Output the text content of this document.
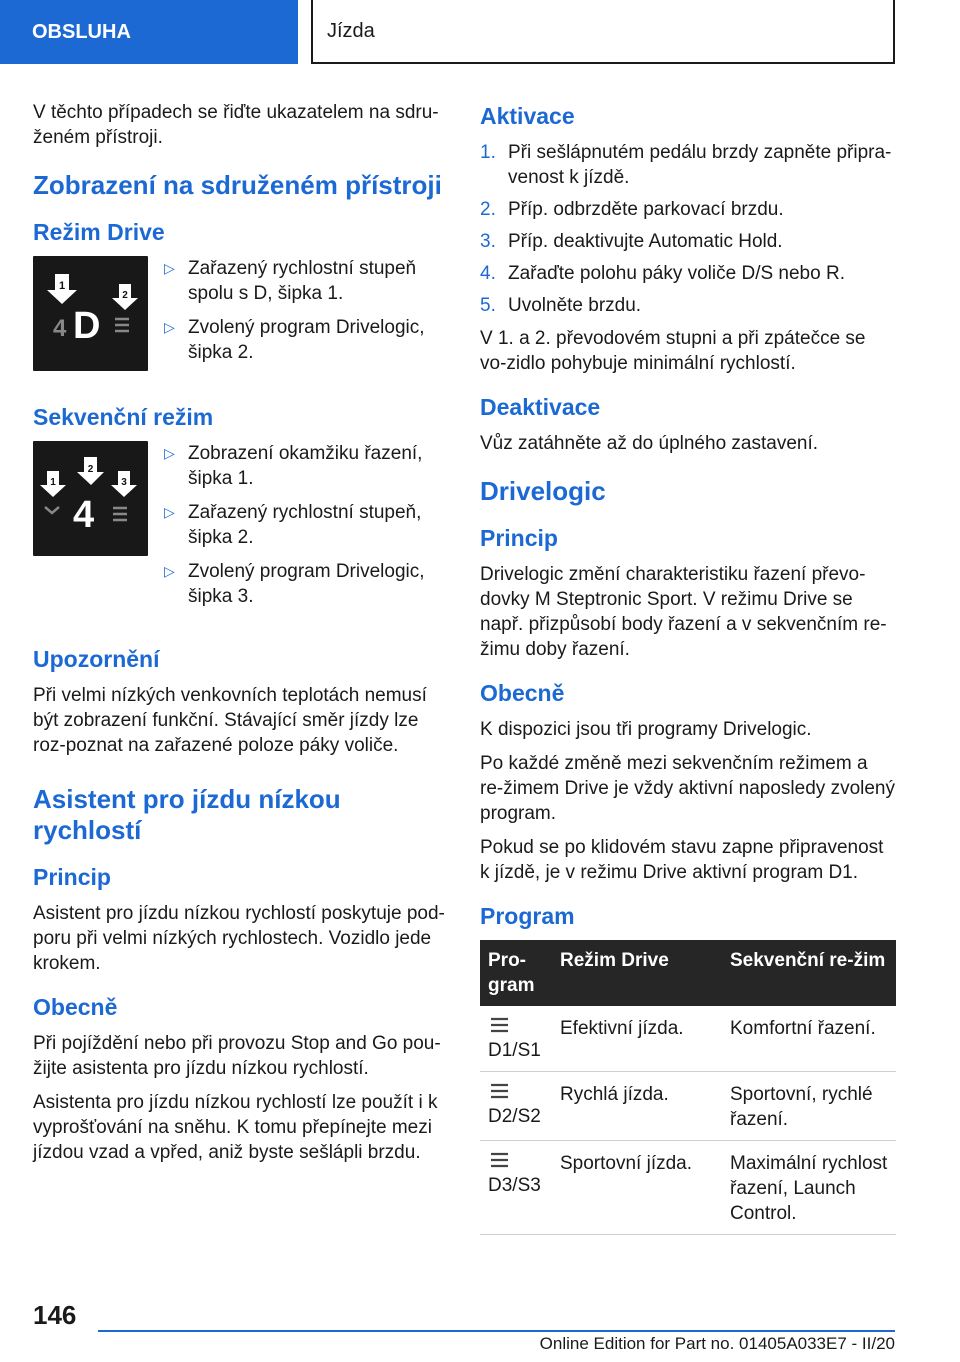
OBSLUHA	Jízda

V těchto případech se řiďte ukazatelem na sdru‐ženém přístroji.

Zobrazení na sdruženém přístroji
Režim Drive
1
2
4 D
▷ Zařazený rychlostní stupeň spolu s D, šipka 1.
▷ Zvolený program Drivelogic, šipka 2.
Sekvenční režim
1
2
3
4
▷ Zobrazení okamžiku řazení, šipka 1.
▷ Zařazený rychlostní stupeň, šipka 2.
▷ Zvolený program Drivelogic, šipka 3.
Upozornění

Při velmi nízkých venkovních teplotách nemusí být zobrazení funkční. Stávající směr jízdy lze roz‐poznat na zařazené poloze páky voliče.

Asistent pro jízdu nízkou rychlostí
Princip

Asistent pro jízdu nízkou rychlostí poskytuje pod‐poru při velmi nízkých rychlostech. Vozidlo jede krokem.

Obecně

Při pojíždění nebo při provozu Stop and Go pou‐žijte asistenta pro jízdu nízkou rychlostí.

Asistenta pro jízdu nízkou rychlostí lze použít i k vyprošťování na sněhu. K tomu přepínejte mezi jízdou vzad a vpřed, aniž byste sešlápli brzdu.

Aktivace
1. Při sešlápnutém pedálu brzdy zapněte připra‐venost k jízdě.
2. Příp. odbrzděte parkovací brzdu.
3. Příp. deaktivujte Automatic Hold.
4. Zařaďte polohu páky voliče D/S nebo R.
5. Uvolněte brzdu.

V 1. a 2. převodovém stupni a při zpátečce se vo‐zidlo pohybuje minimální rychlostí.

Deaktivace

Vůz zatáhněte až do úplného zastavení.

Drivelogic
Princip

Drivelogic změní charakteristiku řazení převo‐dovky M Steptronic Sport. V režimu Drive se např. přizpůsobí body řazení a v sekvenčním re‐žimu doby řazení.

Obecně

K dispozici jsou tři programy Drivelogic.

Po každé změně mezi sekvenčním režimem a re‐žimem Drive je vždy aktivní naposledy zvolený program.

Pokud se po klidovém stavu zapne připravenost k jízdě, je v režimu Drive aktivní program D1.

Program
Pro‐gram	Režim Drive	Sekvenční re‐žim

D1/S1	Efektivní jízda.	Komfortní řazení.

D2/S2	Rychlá jízda.	Sportovní, rychlé řazení.

D3/S3	Sportovní jízda.	Maximální rychlost řazení, Launch Control.
146
Online Edition for Part no. 01405A033E7 - II/20
